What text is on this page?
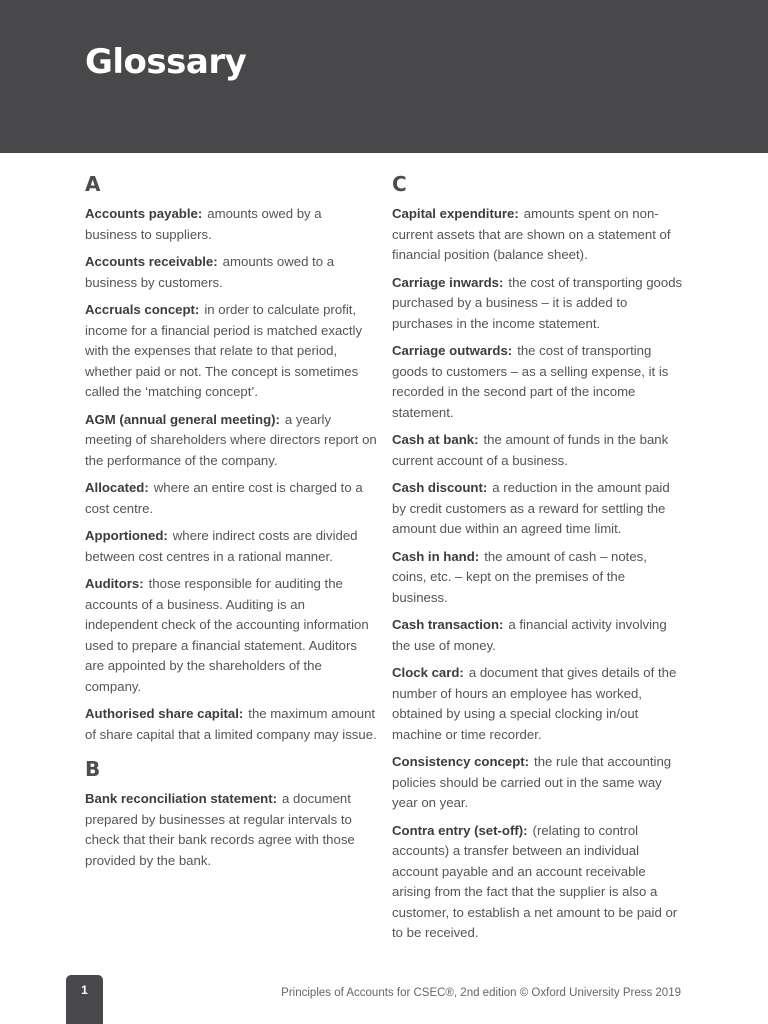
Glossary
A

Accounts payable: amounts owed by a business to suppliers.

Accounts receivable: amounts owed to a business by customers.

Accruals concept: in order to calculate profit, income for a financial period is matched exactly with the expenses that relate to that period, whether paid or not. The concept is sometimes called the ‘matching concept’.

AGM (annual general meeting): a yearly meeting of shareholders where directors report on the performance of the company.

Allocated: where an entire cost is charged to a cost centre.

Apportioned: where indirect costs are divided between cost centres in a rational manner.

Auditors: those responsible for auditing the accounts of a business. Auditing is an independent check of the accounting information used to prepare a financial statement. Auditors are appointed by the shareholders of the company.

Authorised share capital: the maximum amount of share capital that a limited company may issue.

B

Bank reconciliation statement: a document prepared by businesses at regular intervals to check that their bank records agree with those provided by the bank.

C

Capital expenditure: amounts spent on non-current assets that are shown on a statement of financial position (balance sheet).

Carriage inwards: the cost of transporting goods purchased by a business – it is added to purchases in the income statement.

Carriage outwards: the cost of transporting goods to customers – as a selling expense, it is recorded in the second part of the income statement.

Cash at bank: the amount of funds in the bank current account of a business.

Cash discount: a reduction in the amount paid by credit customers as a reward for settling the amount due within an agreed time limit.

Cash in hand: the amount of cash – notes, coins, etc. – kept on the premises of the business.

Cash transaction: a financial activity involving the use of money.

Clock card: a document that gives details of the number of hours an employee has worked, obtained by using a special clocking in/out machine or time recorder.

Consistency concept: the rule that accounting policies should be carried out in the same way year on year.

Contra entry (set-off): (relating to control accounts) a transfer between an individual account payable and an account receivable arising from the fact that the supplier is also a customer, to establish a net amount to be paid or to be received.

1	Principles of Accounts for CSEC®, 2nd edition © Oxford University Press 2019
